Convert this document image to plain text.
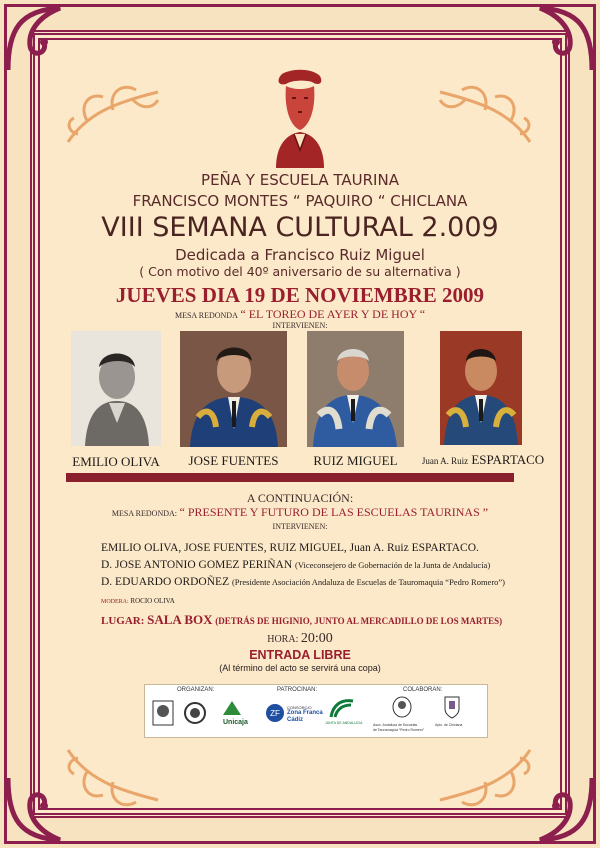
PEÑA Y ESCUELA TAURINA
FRANCISCO MONTES “ PAQUIRO “ CHICLANA
VIII SEMANA CULTURAL 2.009
Dedicada a Francisco Ruiz Miguel
( Con motivo del 40º aniversario de su alternativa )
JUEVES DIA 19 DE NOVIEMBRE 2009
MESA REDONDA “ EL TOREO DE AYER Y DE HOY “
INTERVIENEN:
EMILIO OLIVA	JOSE FUENTES	RUIZ MIGUEL	Juan A. Ruiz ESPARTACO
A CONTINUACIÓN:
MESA REDONDA: “ PRESENTE Y FUTURO DE LAS ESCUELAS TAURINAS ”
INTERVIENEN:
EMILIO OLIVA, JOSE FUENTES, RUIZ MIGUEL, Juan A. Ruiz ESPARTACO.
D. JOSE ANTONIO GOMEZ PERIÑAN (Viceconsejero de Gobernación de la Junta de Andalucía)
D. EDUARDO ORDOÑEZ (Presidente Asociación Andaluza de Escuelas de Tauromaquia “Pedro Romero”)
MODERA: ROCIO OLIVA
LUGAR: SALA BOX (DETRÁS DE HIGINIO, JUNTO AL MERCADILLO DE LOS MARTES)
HORA: 20:00
ENTRADA LIBRE
(Al término del acto se servirá una copa)
ORGANIZAN:	PATROCINAN:	COLABORAN:
Unicaja
ZF
CONSORCIO
Zona Franca
Cádiz	JUNTA DE ANDALUCIA	Asoc. Andaluza de Escuelas
de Tauromaquia “Pedro Romero”
Ayto. de Chiclana
